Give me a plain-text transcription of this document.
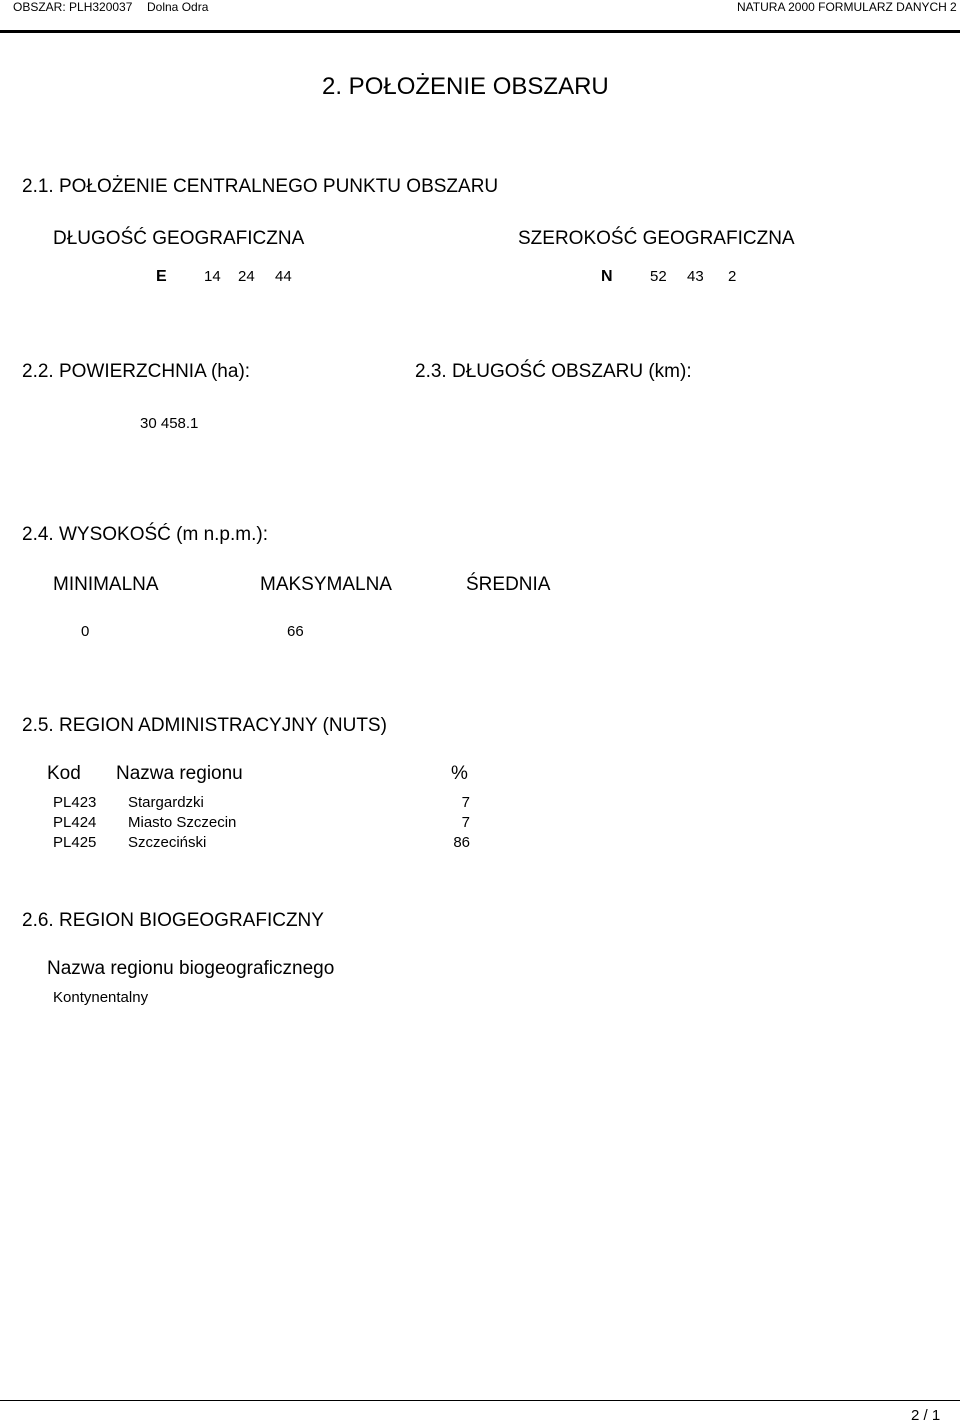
OBSZAR: PLH320037 Dolna Odra	NATURA 2000 FORMULARZ DANYCH 2
2. POŁOŻENIE OBSZARU
2.1. POŁOŻENIE CENTRALNEGO PUNKTU OBSZARU
DŁUGOŚĆ GEOGRAFICZNA	SZEROKOŚĆ GEOGRAFICZNA
E 14 24 44	N 52 43 2
2.2. POWIERZCHNIA (ha):	2.3. DŁUGOŚĆ OBSZARU (km):
30 458.1
2.4. WYSOKOŚĆ (m n.p.m.):
MINIMALNA	MAKSYMALNA	ŚREDNIA
0	66
2.5. REGION ADMINISTRACYJNY (NUTS)
Kod Nazwa regionu	%
PL423 Stargardzki	7
PL424 Miasto Szczecin	7
PL425 Szczeciński	86
2.6. REGION BIOGEOGRAFICZNY
Nazwa regionu biogeograficznego
Kontynentalny
2 / 1
